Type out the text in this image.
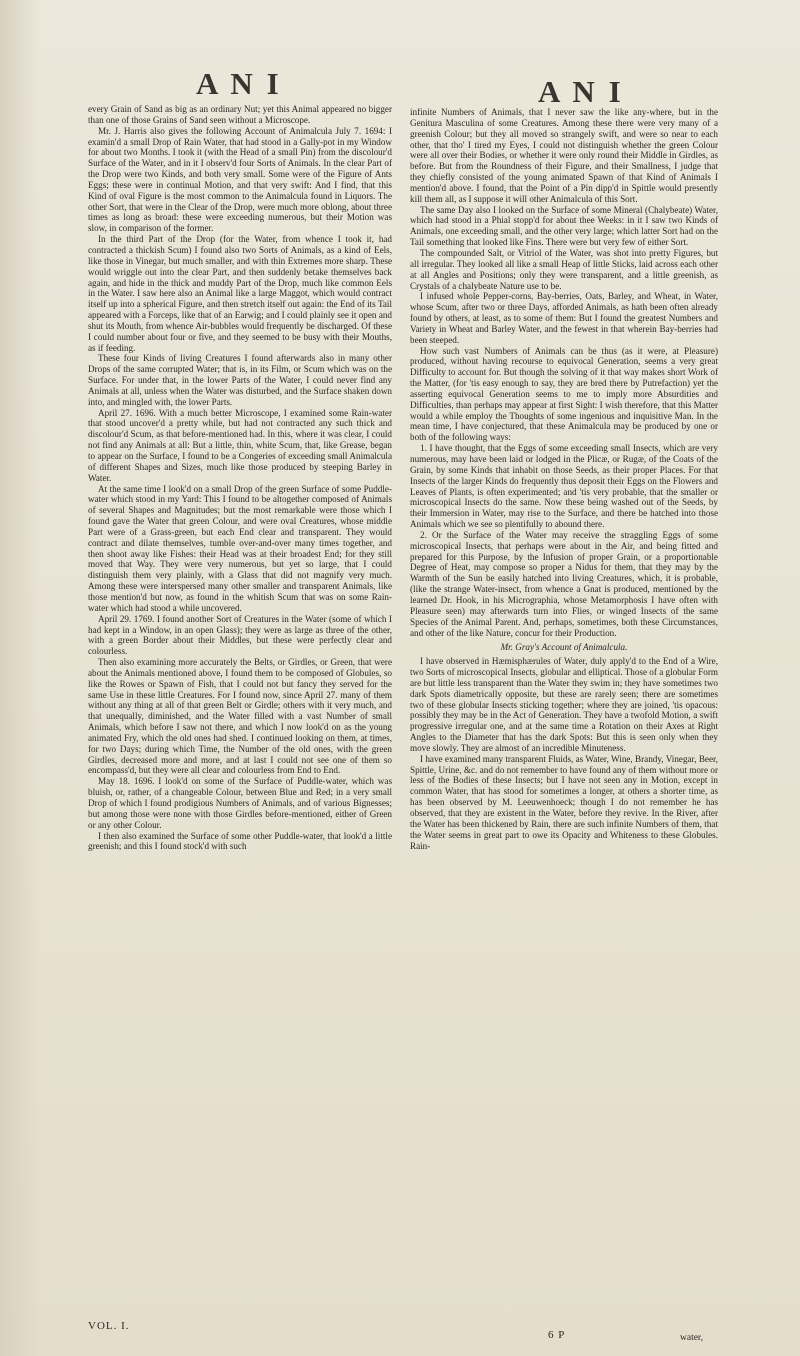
A N I	A N I

every Grain of Sand as big as an ordinary Nut; yet this Animal appeared no bigger than one of those Grains of Sand seen without a Microscope.

Mr. J. Harris also gives the following Account of Animalcula July 7. 1694: I examin'd a small Drop of Rain Water, that had stood in a Gally-pot in my Window for about two Months. I took it (with the Head of a small Pin) from the discolour'd Surface of the Water, and in it I observ'd four Sorts of Animals. In the clear Part of the Drop were two Kinds, and both very small. Some were of the Figure of Ants Eggs; these were in continual Motion, and that very swift: And I find, that this Kind of oval Figure is the most common to the Animalcula found in Liquors. The other Sort, that were in the Clear of the Drop, were much more oblong, about three times as long as broad: these were exceeding numerous, but their Motion was slow, in comparison of the former.

In the third Part of the Drop (for the Water, from whence I took it, had contracted a thickish Scum) I found also two Sorts of Animals, as a kind of Eels, like those in Vinegar, but much smaller, and with thin Extremes more sharp. These would wriggle out into the clear Part, and then suddenly betake themselves back again, and hide in the thick and muddy Part of the Drop, much like common Eels in the Water. I saw here also an Animal like a large Maggot, which would contract itself up into a spherical Figure, and then stretch itself out again: the End of its Tail appeared with a Forceps, like that of an Earwig; and I could plainly see it open and shut its Mouth, from whence Air-bubbles would frequently be discharged. Of these I could number about four or five, and they seemed to be busy with their Mouths, as if feeding.

These four Kinds of living Creatures I found afterwards also in many other Drops of the same corrupted Water; that is, in its Film, or Scum which was on the Surface. For under that, in the lower Parts of the Water, I could never find any Animals at all, unless when the Water was disturbed, and the Surface shaken down into, and mingled with, the lower Parts.

April 27. 1696. With a much better Microscope, I examined some Rain-water that stood uncover'd a pretty while, but had not contracted any such thick and discolour'd Scum, as that before-mentioned had. In this, where it was clear, I could not find any Animals at all: But a little, thin, white Scum, that, like Grease, began to appear on the Surface, I found to be a Congeries of exceeding small Animalcula of different Shapes and Sizes, much like those produced by steeping Barley in Water.

At the same time I look'd on a small Drop of the green Surface of some Puddle-water which stood in my Yard: This I found to be altogether composed of Animals of several Shapes and Magnitudes; but the most remarkable were those which I found gave the Water that green Colour, and were oval Creatures, whose middle Part were of a Grass-green, but each End clear and transparent. They would contract and dilate themselves, tumble over-and-over many times together, and then shoot away like Fishes: their Head was at their broadest End; for they still moved that Way. They were very numerous, but yet so large, that I could distinguish them very plainly, with a Glass that did not magnify very much. Among these were interspersed many other smaller and transparent Animals, like those mention'd but now, as found in the whitish Scum that was on some Rain-water which had stood a while uncovered.

April 29. 1769. I found another Sort of Creatures in the Water (some of which I had kept in a Window, in an open Glass); they were as large as three of the other, with a green Border about their Middles, but these were perfectly clear and colourless.

Then also examining more accurately the Belts, or Girdles, or Green, that were about the Animals mentioned above, I found them to be composed of Globules, so like the Rowes or Spawn of Fish, that I could not but fancy they served for the same Use in these little Creatures. For I found now, since April 27. many of them without any thing at all of that green Belt or Girdle; others with it very much, and that unequally, diminished, and the Water filled with a vast Number of small Animals, which before I saw not there, and which I now look'd on as the young animated Fry, which the old ones had shed. I continued looking on them, at times, for two Days; during which Time, the Number of the old ones, with the green Girdles, decreased more and more, and at last I could not see one of them so encompass'd, but they were all clear and colourless from End to End.

May 18. 1696. I look'd on some of the Surface of Puddle-water, which was bluish, or, rather, of a changeable Colour, between Blue and Red; in a very small Drop of which I found prodigious Numbers of Animals, and of various Bignesses; but among those were none with those Girdles before-mentioned, either of Green or any other Colour.

I then also examined the Surface of some other Puddle-water, that look'd a little greenish; and this I found stock'd with such

infinite Numbers of Animals, that I never saw the like any-where, but in the Genitura Masculina of some Creatures. Among these there were very many of a greenish Colour; but they all moved so strangely swift, and were so near to each other, that tho' I tired my Eyes, I could not distinguish whether the green Colour were all over their Bodies, or whether it were only round their Middle in Girdles, as before. But from the Roundness of their Figure, and their Smallness, I judge that they chiefly consisted of the young animated Spawn of that Kind of Animals I mention'd above. I found, that the Point of a Pin dipp'd in Spittle would presently kill them all, as I suppose it will other Animalcula of this Sort.

The same Day also I looked on the Surface of some Mineral (Chalybeate) Water, which had stood in a Phial stopp'd for about thee Weeks: in it I saw two Kinds of Animals, one exceeding small, and the other very large; which latter Sort had on the Tail something that looked like Fins. There were but very few of either Sort.

The compounded Salt, or Vitriol of the Water, was shot into pretty Figures, but all irregular. They looked all like a small Heap of little Sticks, laid across each other at all Angles and Positions; only they were transparent, and a little greenish, as Crystals of a chalybeate Nature use to be.

I infused whole Pepper-corns, Bay-berries, Oats, Barley, and Wheat, in Water, whose Scum, after two or three Days, afforded Animals, as hath been often already found by others, at least, as to some of them: But I found the greatest Numbers and Variety in Wheat and Barley Water, and the fewest in that wherein Bay-berries had been steeped.

How such vast Numbers of Animals can be thus (as it were, at Pleasure) produced, without having recourse to equivocal Generation, seems a very great Difficulty to account for. But though the solving of it that way makes short Work of the Matter, (for 'tis easy enough to say, they are bred there by Putrefaction) yet the asserting equivocal Generation seems to me to imply more Absurdities and Difficulties, than perhaps may appear at first Sight: I wish therefore, that this Matter would a while employ the Thoughts of some ingenious and inquisitive Man. In the mean time, I have conjectured, that these Animalcula may be produced by one or both of the following ways:

1. I have thought, that the Eggs of some exceeding small Insects, which are very numerous, may have been laid or lodged in the Plicæ, or Rugæ, of the Coats of the Grain, by some Kinds that inhabit on those Seeds, as their proper Places. For that Insects of the larger Kinds do frequently thus deposit their Eggs on the Flowers and Leaves of Plants, is often experimented; and 'tis very probable, that the smaller or microscopical Insects do the same. Now these being washed out of the Seeds, by their Immersion in Water, may rise to the Surface, and there be hatched into those Animals which we see so plentifully to abound there.

2. Or the Surface of the Water may receive the straggling Eggs of some microscopical Insects, that perhaps were about in the Air, and being fitted and prepared for this Purpose, by the Infusion of proper Grain, or a proportionable Degree of Heat, may compose so proper a Nidus for them, that they may by the Warmth of the Sun be easily hatched into living Creatures, which, it is probable, (like the strange Water-insect, from whence a Gnat is produced, mentioned by the learned Dr. Hook, in his Micrographia, whose Metamorphosis I have often with Pleasure seen) may afterwards turn into Flies, or winged Insects of the same Species of the Animal Parent. And, perhaps, sometimes, both these Circumstances, and other of the like Nature, concur for their Production.

Mr. Gray's Account of Animalcula.

I have observed in Hæmisphærules of Water, duly apply'd to the End of a Wire, two Sorts of microscopical Insects, globular and elliptical. Those of a globular Form are but little less transparent than the Water they swim in; they have sometimes two dark Spots diametrically opposite, but these are rarely seen; there are sometimes two of these globular Insects sticking together; where they are joined, 'tis opacous: possibly they may be in the Act of Generation. They have a twofold Motion, a swift progressive irregular one, and at the same time a Rotation on their Axes at Right Angles to the Diameter that has the dark Spots: But this is seen only when they move slowly. They are almost of an incredible Minuteness.

I have examined many transparent Fluids, as Water, Wine, Brandy, Vinegar, Beer, Spittle, Urine, &c. and do not remember to have found any of them without more or less of the Bodies of these Insects; but I have not seen any in Motion, except in common Water, that has stood for sometimes a longer, at others a shorter time, as has been observed by M. Leeuwenhoeck; though I do not remember he has observed, that they are existent in the Water, before they revive. In the River, after the Water has been thickened by Rain, there are such infinite Numbers of them, that the Water seems in great part to owe its Opacity and Whiteness to these Globules. Rain-

VOL. I.
6 P	water,
